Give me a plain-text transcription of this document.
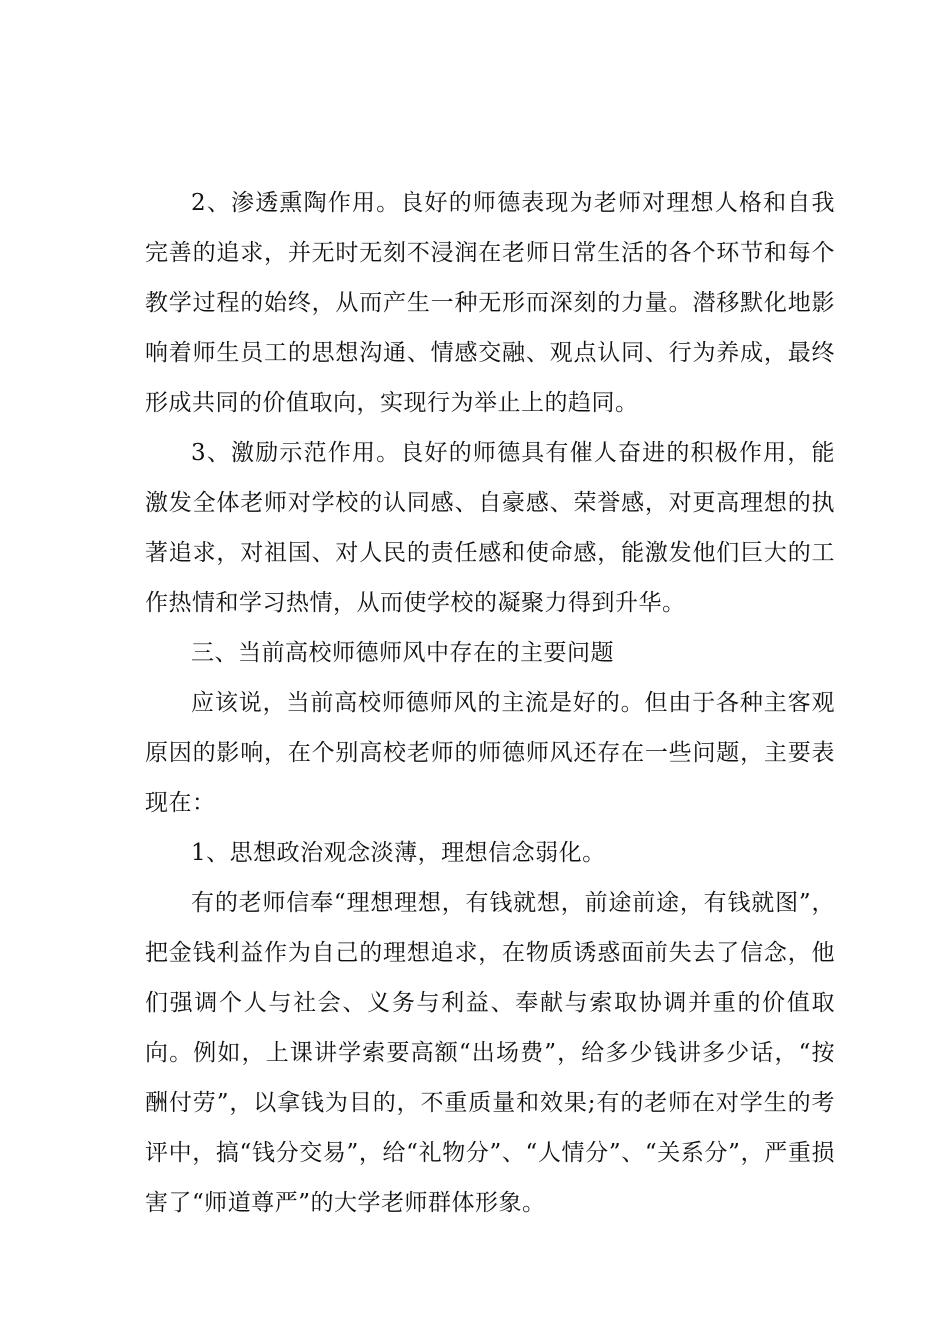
2、渗透熏陶作用。良好的师德表现为老师对理想人格和自我完善的追求，并无时无刻不浸润在老师日常生活的各个环节和每个教学过程的始终，从而产生一种无形而深刻的力量。潜移默化地影响着师生员工的思想沟通、情感交融、观点认同、行为养成，最终形成共同的价值取向，实现行为举止上的趋同。

3、激励示范作用。良好的师德具有催人奋进的积极作用，能激发全体老师对学校的认同感、自豪感、荣誉感，对更高理想的执著追求，对祖国、对人民的责任感和使命感，能激发他们巨大的工作热情和学习热情，从而使学校的凝聚力得到升华。

三、当前高校师德师风中存在的主要问题

应该说，当前高校师德师风的主流是好的。但由于各种主客观原因的影响，在个别高校老师的师德师风还存在一些问题，主要表现在：

1、思想政治观念淡薄，理想信念弱化。

有的老师信奉“理想理想，有钱就想，前途前途，有钱就图”，把金钱利益作为自己的理想追求，在物质诱惑面前失去了信念，他们强调个人与社会、义务与利益、奉献与索取协调并重的价值取向。例如，上课讲学索要高额“出场费”，给多少钱讲多少话，“按酬付劳”，以拿钱为目的，不重质量和效果;有的老师在对学生的考评中，搞“钱分交易”，给“礼物分”、“人情分”、“关系分”，严重损害了“师道尊严”的大学老师群体形象。
